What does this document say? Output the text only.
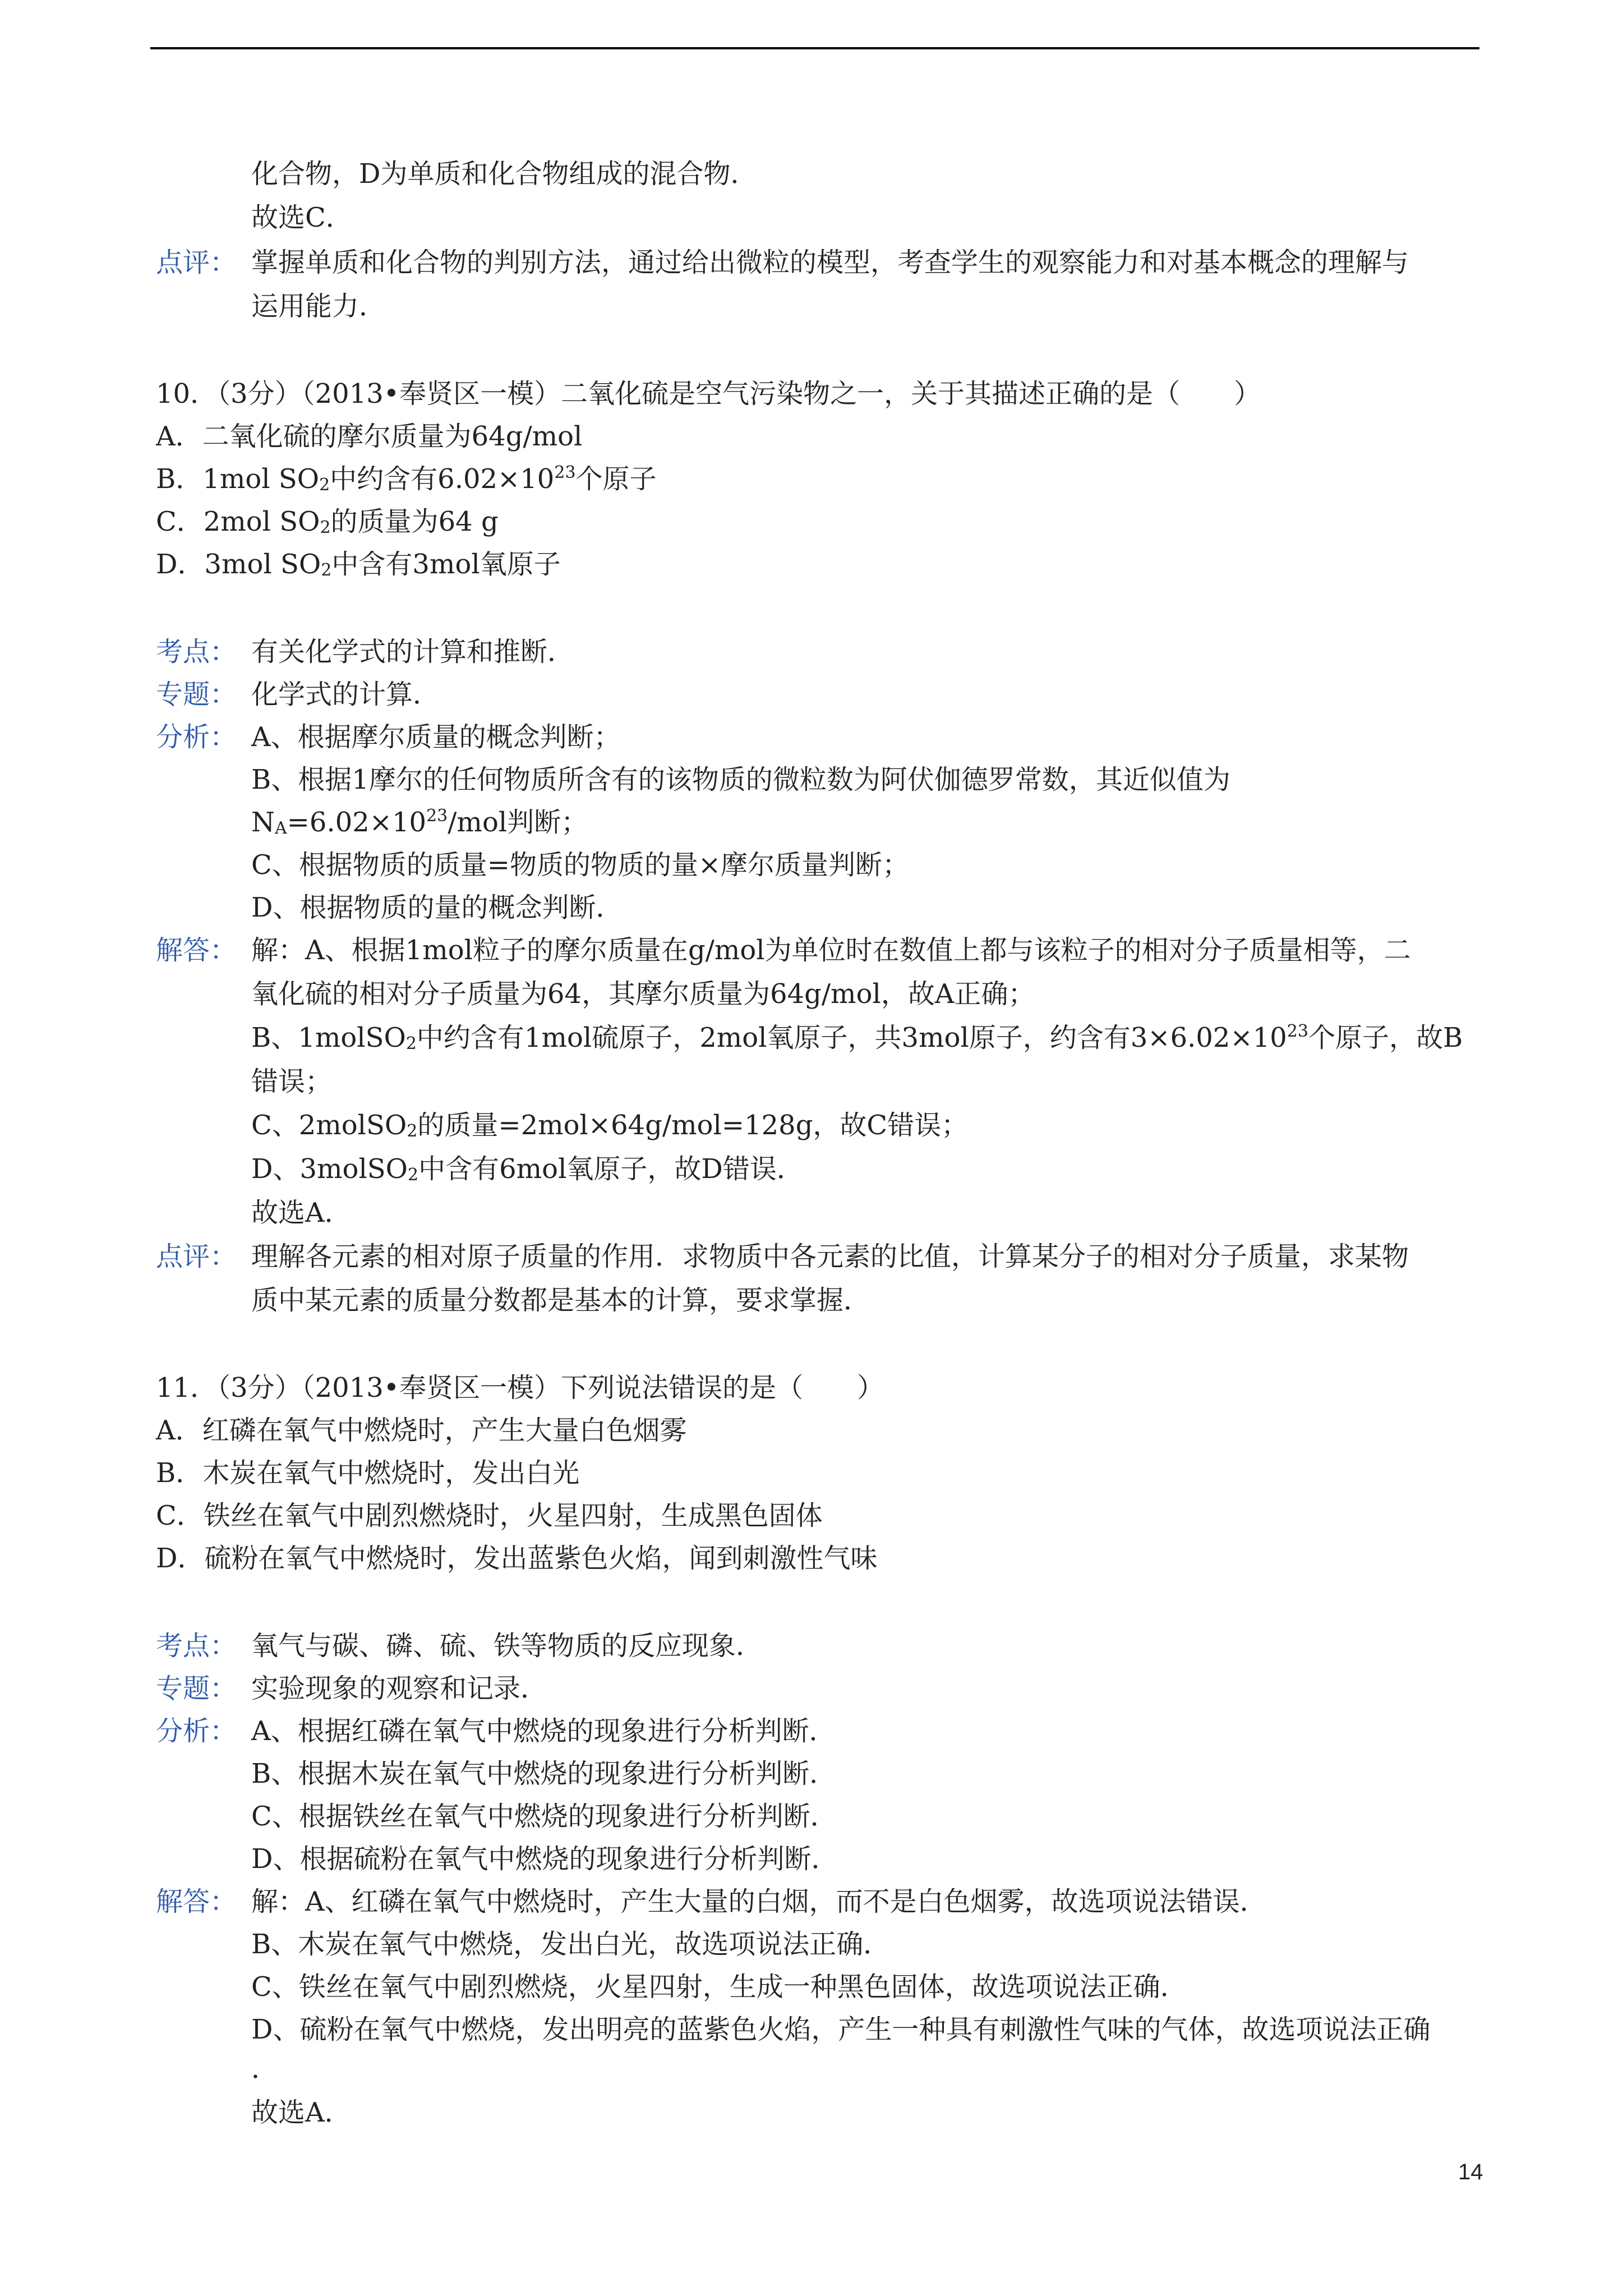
化合物，D为单质和化合物组成的混合物．
故选C．
点评： 掌握单质和化合物的判别方法，通过给出微粒的模型，考查学生的观察能力和对基本概念的理解与
运用能力．
10．（3分）（2013•奉贤区一模）二氧化硫是空气污染物之一，关于其描述正确的是（　　）
A．二氧化硫的摩尔质量为64g/mol
B．1mol $SO_2$中约含有$6.02\times 10^{23}$个原子
C．2mol $SO_2$的质量为64 g
D．3mol $SO_2$中含有3mol氧原子
考点： 有关化学式的计算和推断．
专题： 化学式的计算．
分析： A、根据摩尔质量的概念判断；
B、根据1摩尔的任何物质所含有的该物质的微粒数为阿伏伽德罗常数，其近似值为
$N_A=6.02\times 10^{23}$/mol判断；
C、根据物质的质量=物质的物质的量×摩尔质量判断；
D、根据物质的量的概念判断．
解答： 解：A、根据1mol粒子的摩尔质量在g/mol为单位时在数值上都与该粒子的相对分子质量相等，二
氧化硫的相对分子质量为64，其摩尔质量为64g/mol，故A正确；
B、1molSO$_2$中约含有1mol硫原子，2mol氧原子，共3mol原子，约含有$3\times 6.02\times 10^{23}$个原子，故B
错误；
C、2molSO$_2$的质量=2mol×64g/mol=128g，故C错误；
D、3molSO$_2$中含有6mol氧原子，故D错误．
故选A．
点评： 理解各元素的相对原子质量的作用．求物质中各元素的比值，计算某分子的相对分子质量，求某物
质中某元素的质量分数都是基本的计算，要求掌握．
11．（3分）（2013•奉贤区一模）下列说法错误的是（　　）
A．红磷在氧气中燃烧时，产生大量白色烟雾
B．木炭在氧气中燃烧时，发出白光
C．铁丝在氧气中剧烈燃烧时，火星四射，生成黑色固体
D．硫粉在氧气中燃烧时，发出蓝紫色火焰，闻到刺激性气味
考点： 氧气与碳、磷、硫、铁等物质的反应现象．
专题： 实验现象的观察和记录．
分析： A、根据红磷在氧气中燃烧的现象进行分析判断．
B、根据木炭在氧气中燃烧的现象进行分析判断．
C、根据铁丝在氧气中燃烧的现象进行分析判断．
D、根据硫粉在氧气中燃烧的现象进行分析判断．
解答： 解：A、红磷在氧气中燃烧时，产生大量的白烟，而不是白色烟雾，故选项说法错误．
B、木炭在氧气中燃烧，发出白光，故选项说法正确．
C、铁丝在氧气中剧烈燃烧，火星四射，生成一种黑色固体，故选项说法正确．
D、硫粉在氧气中燃烧，发出明亮的蓝紫色火焰，产生一种具有刺激性气味的气体，故选项说法正确
．
故选A．
14
